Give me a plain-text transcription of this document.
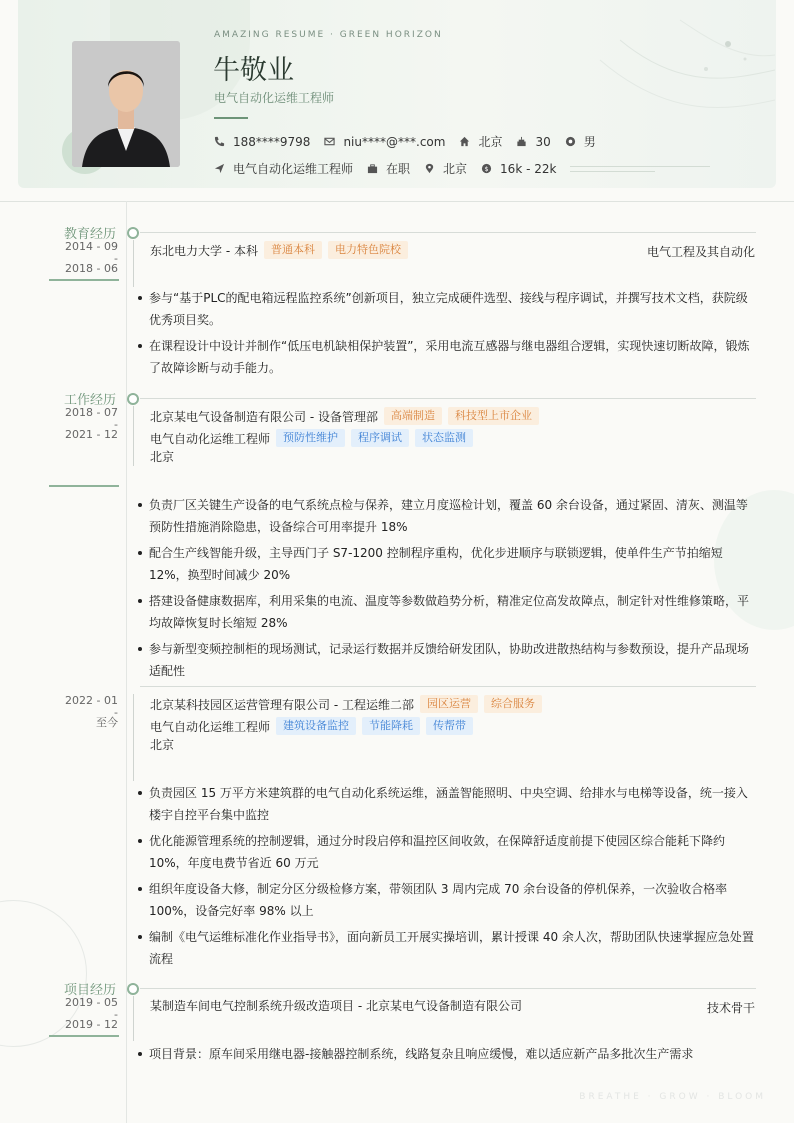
AMAZING RESUME · GREEN HORIZON
牛敬业
电气自动化运维工程师
188****9798	niu****@***.com	北京	30	男
电气自动化运维工程师	在职	北京 $ 16k - 22k
教育经历
2014 - 09
-
2018 - 06
东北电力大学 - 本科	普通本科	电力特色院校	电气工程及其自动化
参与“基于PLC的配电箱远程监控系统”创新项目，独立完成硬件选型、接线与程序调试，并撰写技术文档，获院级优秀项目奖。
在课程设计中设计并制作“低压电机缺相保护装置”，采用电流互感器与继电器组合逻辑，实现快速切断故障，锻炼了故障诊断与动手能力。
工作经历
2018 - 07
-
2021 - 12
北京某电气设备制造有限公司 - 设备管理部	高端制造	科技型上市企业
电气自动化运维工程师	预防性维护	程序调试	状态监测
北京
负责厂区关键生产设备的电气系统点检与保养，建立月度巡检计划，覆盖 60 余台设备，通过紧固、清灰、测温等预防性措施消除隐患，设备综合可用率提升 18%
配合生产线智能升级，主导西门子 S7-1200 控制程序重构，优化步进顺序与联锁逻辑，使单件生产节拍缩短 12%，换型时间减少 20%
搭建设备健康数据库，利用采集的电流、温度等参数做趋势分析，精准定位高发故障点，制定针对性维修策略，平均故障恢复时长缩短 28%
参与新型变频控制柜的现场测试，记录运行数据并反馈给研发团队，协助改进散热结构与参数预设，提升产品现场适配性
2022 - 01
-
至今
北京某科技园区运营管理有限公司 - 工程运维二部	园区运营	综合服务
电气自动化运维工程师	建筑设备监控	节能降耗	传帮带
北京
负责园区 15 万平方米建筑群的电气自动化系统运维，涵盖智能照明、中央空调、给排水与电梯等设备，统一接入楼宇自控平台集中监控
优化能源管理系统的控制逻辑，通过分时段启停和温控区间收敛，在保障舒适度前提下使园区综合能耗下降约 10%，年度电费节省近 60 万元
组织年度设备大修，制定分区分级检修方案，带领团队 3 周内完成 70 余台设备的停机保养，一次验收合格率 100%，设备完好率 98% 以上
编制《电气运维标准化作业指导书》，面向新员工开展实操培训，累计授课 40 余人次，帮助团队快速掌握应急处置流程
项目经历
2019 - 05
-
2019 - 12
某制造车间电气控制系统升级改造项目 - 北京某电气设备制造有限公司	技术骨干
项目背景：原车间采用继电器-接触器控制系统，线路复杂且响应缓慢，难以适应新产品多批次生产需求
BREATHE · GROW · BLOOM
